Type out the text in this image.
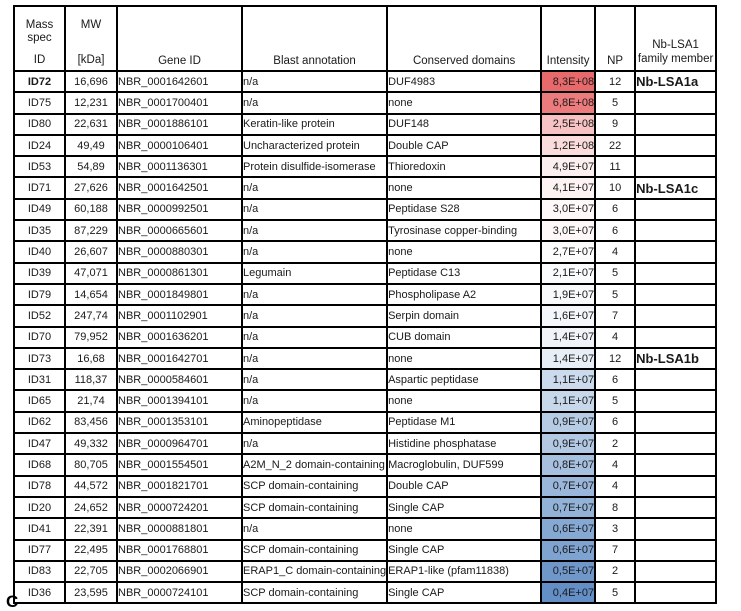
Mass spec
ID	MW
[kDa]	Gene ID	Blast annotation	Conserved domains	Intensity	NP	Nb-LSA1
family member

ID72	16,696	NBR_0001642601	n/a	DUF4983	8,3E+08	12	Nb-LSA1a
ID75	12,231	NBR_0001700401	n/a	none	6,8E+08	5	
ID80	22,631	NBR_0001886101	Keratin-like protein	DUF148	2,5E+08	9	
ID24	49,49	NBR_0000106401	Uncharacterized protein	Double CAP	1,2E+08	22	
ID53	54,89	NBR_0001136301	Protein disulfide-isomerase	Thioredoxin	4,9E+07	11	
ID71	27,626	NBR_0001642501	n/a	none	4,1E+07	10	Nb-LSA1c
ID49	60,188	NBR_0000992501	n/a	Peptidase S28	3,0E+07	6	
ID35	87,229	NBR_0000665601	n/a	Tyrosinase copper-binding	3,0E+07	6	
ID40	26,607	NBR_0000880301	n/a	none	2,7E+07	4	
ID39	47,071	NBR_0000861301	Legumain	Peptidase C13	2,1E+07	5	
ID79	14,654	NBR_0001849801	n/a	Phospholipase A2	1,9E+07	5	
ID52	247,74	NBR_0001102901	n/a	Serpin domain	1,6E+07	7	
ID70	79,952	NBR_0001636201	n/a	CUB domain	1,4E+07	4	
ID73	16,68	NBR_0001642701	n/a	none	1,4E+07	12	Nb-LSA1b
ID31	118,37	NBR_0000584601	n/a	Aspartic peptidase	1,1E+07	6	
ID65	21,74	NBR_0001394101	n/a	none	1,1E+07	5	
ID62	83,456	NBR_0001353101	Aminopeptidase	Peptidase M1	0,9E+07	6	
ID47	49,332	NBR_0000964701	n/a	Histidine phosphatase	0,9E+07	2	
ID68	80,705	NBR_0001554501	A2M_N_2 domain-containing	Macroglobulin, DUF599	0,8E+07	4	
ID78	44,572	NBR_0001821701	SCP domain-containing	Double CAP	0,7E+07	4	
ID20	24,652	NBR_0000724201	SCP domain-containing	Single CAP	0,7E+07	8	
ID41	22,391	NBR_0000881801	n/a	none	0,6E+07	3	
ID77	22,495	NBR_0001768801	SCP domain-containing	Single CAP	0,6E+07	7	
ID83	22,705	NBR_0002066901	ERAP1_C domain-containing	ERAP1-like (pfam11838)	0,5E+07	2	
ID36	23,595	NBR_0000724101	SCP domain-containing	Single CAP	0,4E+07	5	
C
